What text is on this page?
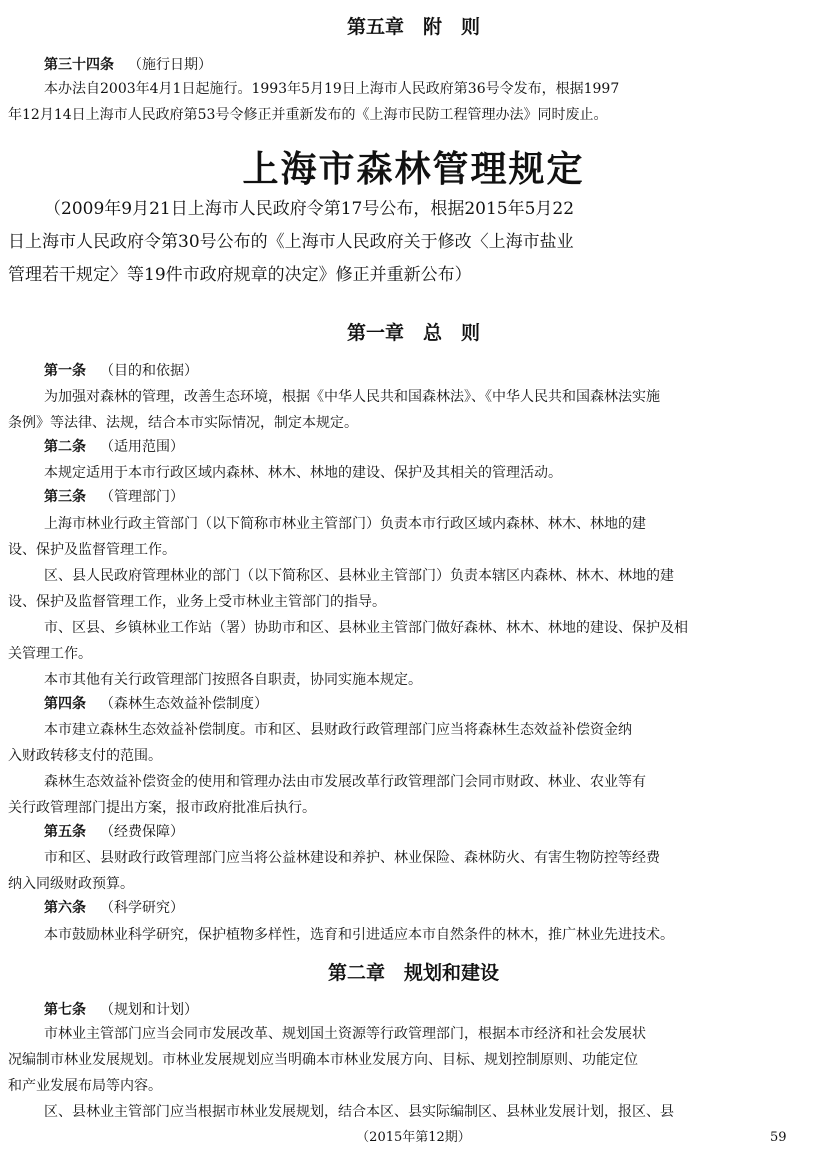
第五章　附　则
第三十四条 （施行日期）
本办法自2003年4月1日起施行。1993年5月19日上海市人民政府第36号令发布，根据1997
年12月14日上海市人民政府第53号令修正并重新发布的《上海市民防工程管理办法》同时废止。
上海市森林管理规定
（2009年9月21日上海市人民政府令第17号公布，根据2015年5月22
日上海市人民政府令第30号公布的《上海市人民政府关于修改〈上海市盐业
管理若干规定〉等19件市政府规章的决定》修正并重新公布）
第一章　总　则
第一条 （目的和依据）
为加强对森林的管理，改善生态环境，根据《中华人民共和国森林法》、《中华人民共和国森林法实施
条例》等法律、法规，结合本市实际情况，制定本规定。
第二条 （适用范围）
本规定适用于本市行政区域内森林、林木、林地的建设、保护及其相关的管理活动。
第三条 （管理部门）
上海市林业行政主管部门（以下简称市林业主管部门）负责本市行政区域内森林、林木、林地的建
设、保护及监督管理工作。
区、县人民政府管理林业的部门（以下简称区、县林业主管部门）负责本辖区内森林、林木、林地的建
设、保护及监督管理工作，业务上受市林业主管部门的指导。
市、区县、乡镇林业工作站（署）协助市和区、县林业主管部门做好森林、林木、林地的建设、保护及相
关管理工作。
本市其他有关行政管理部门按照各自职责，协同实施本规定。
第四条 （森林生态效益补偿制度）
本市建立森林生态效益补偿制度。市和区、县财政行政管理部门应当将森林生态效益补偿资金纳
入财政转移支付的范围。
森林生态效益补偿资金的使用和管理办法由市发展改革行政管理部门会同市财政、林业、农业等有
关行政管理部门提出方案，报市政府批准后执行。
第五条 （经费保障）
市和区、县财政行政管理部门应当将公益林建设和养护、林业保险、森林防火、有害生物防控等经费
纳入同级财政预算。
第六条 （科学研究）
本市鼓励林业科学研究，保护植物多样性，选育和引进适应本市自然条件的林木，推广林业先进技术。
第二章　规划和建设
第七条 （规划和计划）
市林业主管部门应当会同市发展改革、规划国土资源等行政管理部门，根据本市经济和社会发展状
况编制市林业发展规划。市林业发展规划应当明确本市林业发展方向、目标、规划控制原则、功能定位
和产业发展布局等内容。
区、县林业主管部门应当根据市林业发展规划，结合本区、县实际编制区、县林业发展计划，报区、县
（2015年第12期）	59
